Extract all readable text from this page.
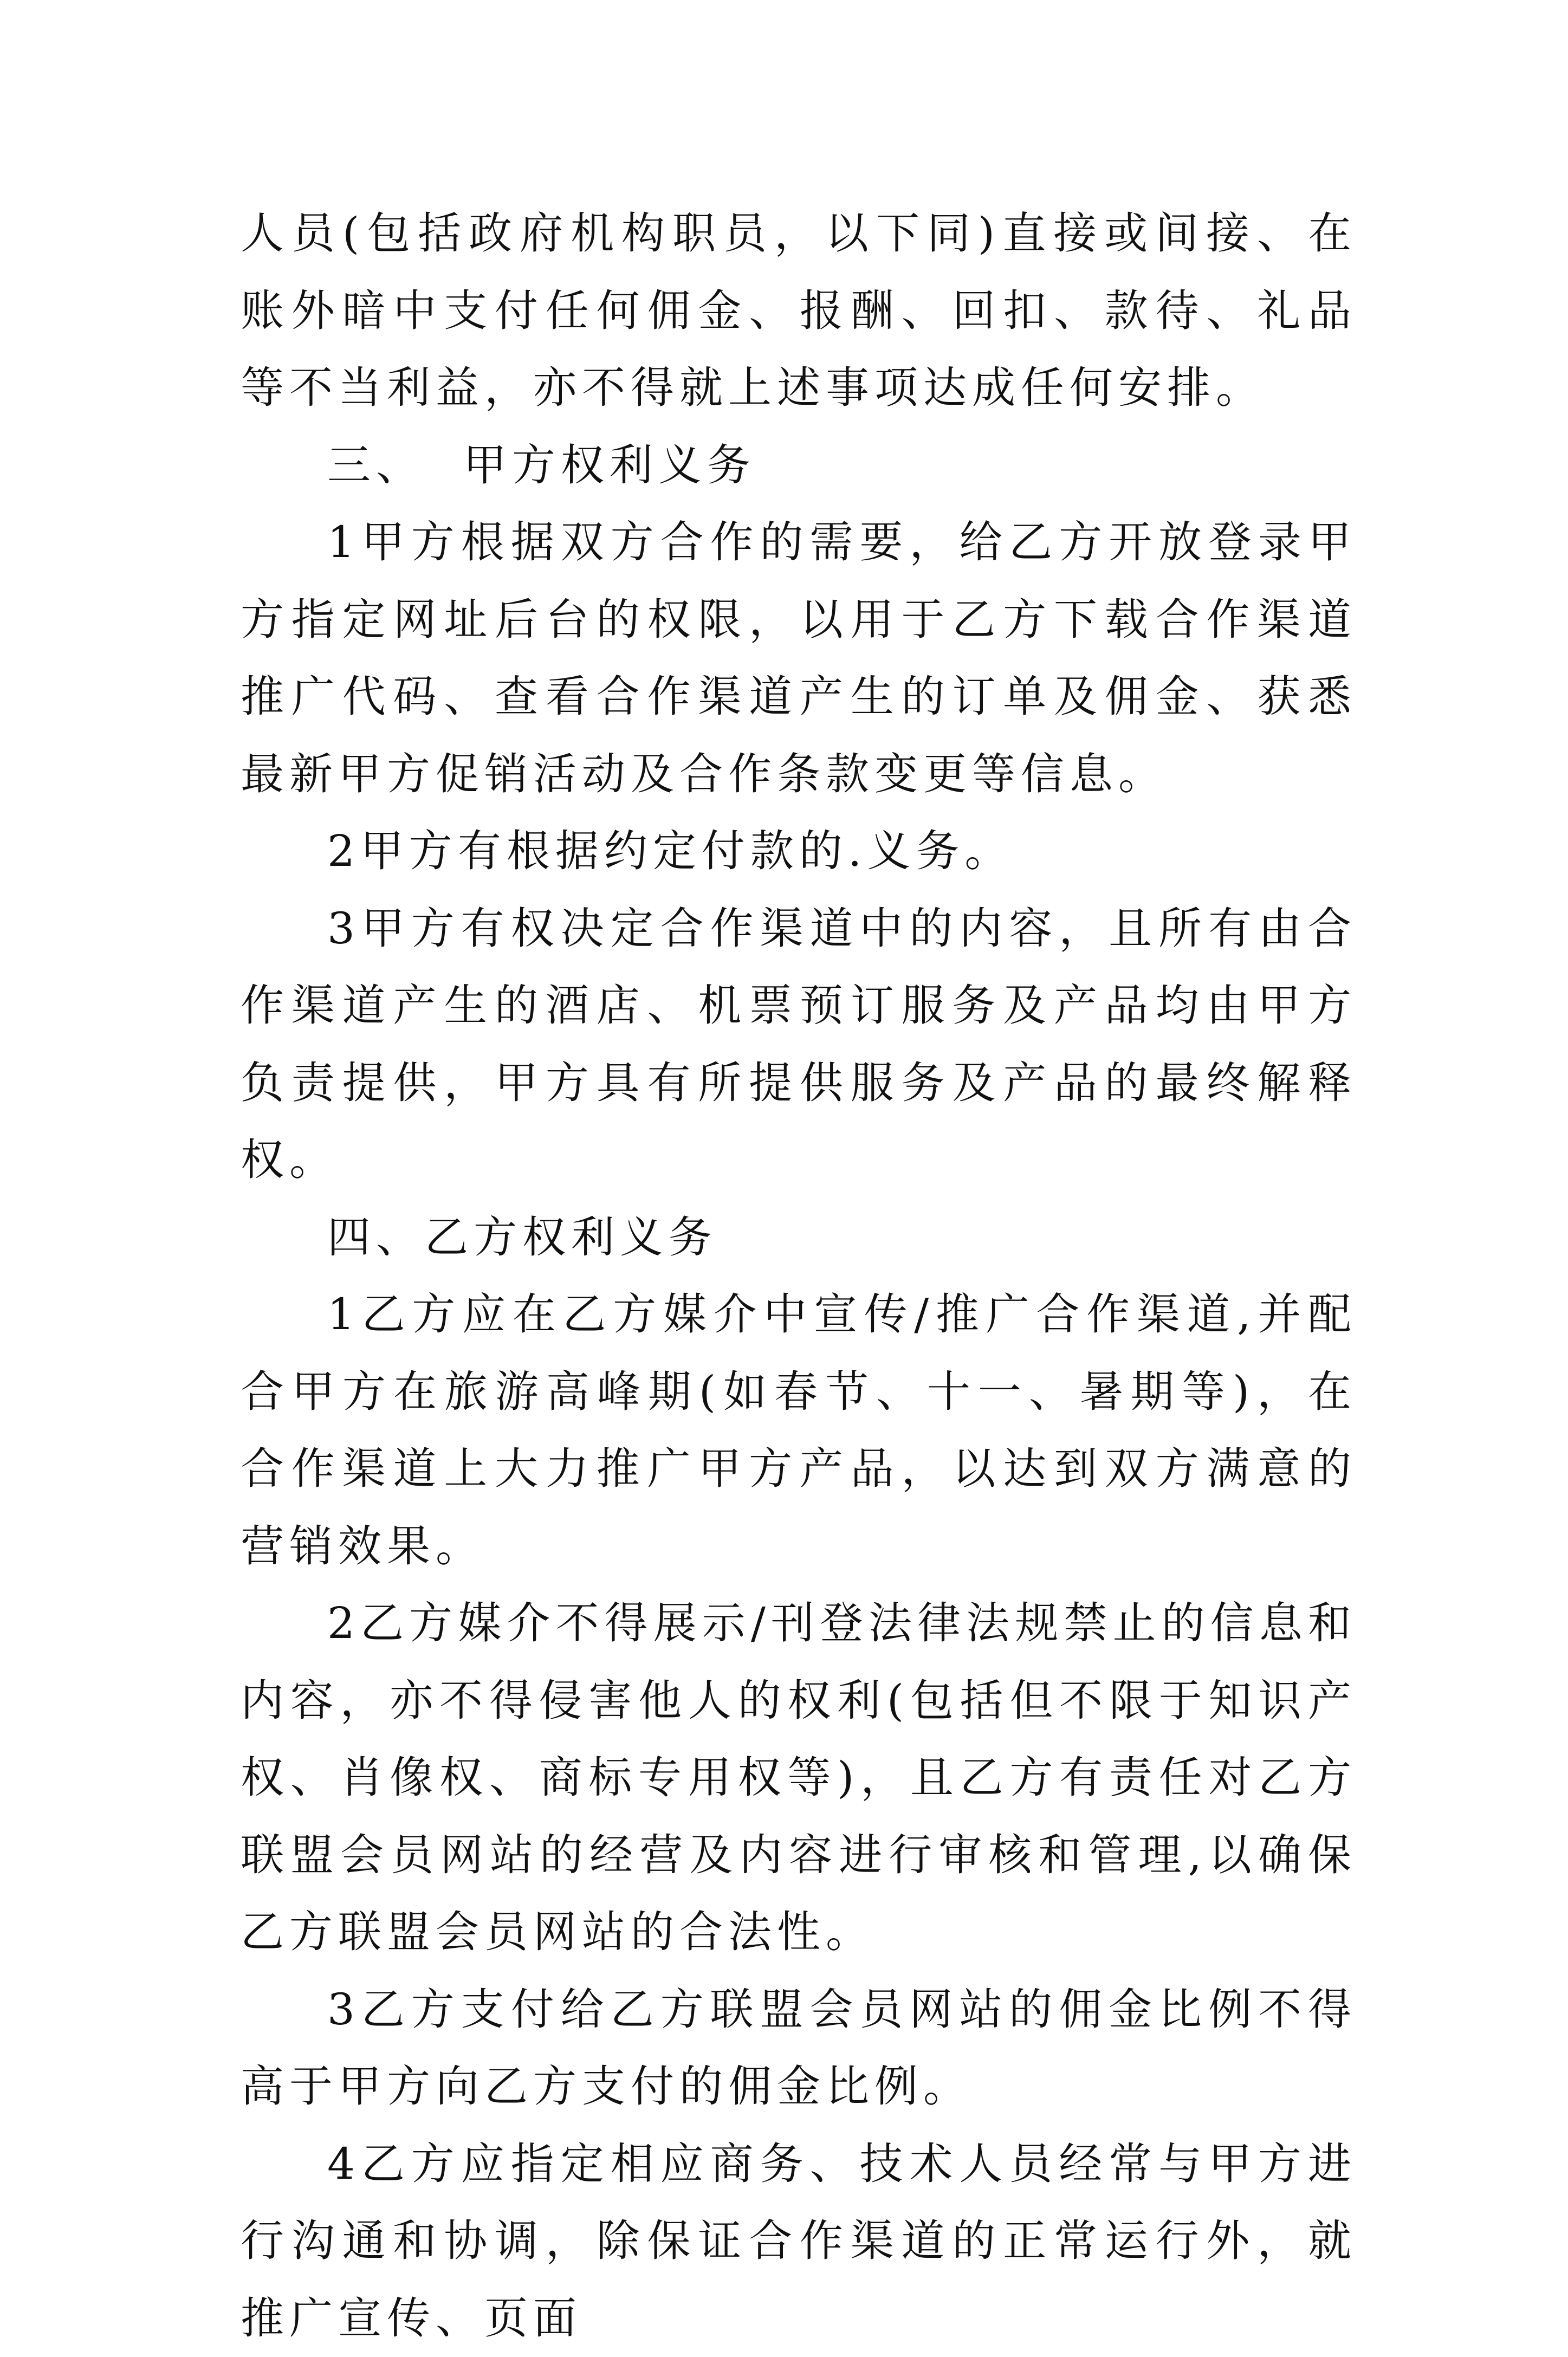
人员(包括政府机构职员，以下同)直接或间接、在账外暗中支付任何佣金、报酬、回扣、款待、礼品等不当利益，亦不得就上述事项达成任何安排。

三、  甲方权利义务

1甲方根据双方合作的需要，给乙方开放登录甲方指定网址后台的权限，以用于乙方下载合作渠道推广代码、查看合作渠道产生的订单及佣金、获悉最新甲方促销活动及合作条款变更等信息。

2甲方有根据约定付款的.义务。

3甲方有权决定合作渠道中的内容，且所有由合作渠道产生的酒店、机票预订服务及产品均由甲方负责提供，甲方具有所提供服务及产品的最终解释权。

四、乙方权利义务

1乙方应在乙方媒介中宣传/推广合作渠道,并配合甲方在旅游高峰期(如春节、十一、暑期等)，在合作渠道上大力推广甲方产品，以达到双方满意的营销效果。

2乙方媒介不得展示/刊登法律法规禁止的信息和内容，亦不得侵害他人的权利(包括但不限于知识产权、肖像权、商标专用权等)，且乙方有责任对乙方联盟会员网站的经营及内容进行审核和管理,以确保乙方联盟会员网站的合法性。

3乙方支付给乙方联盟会员网站的佣金比例不得高于甲方向乙方支付的佣金比例。

4乙方应指定相应商务、技术人员经常与甲方进行沟通和协调，除保证合作渠道的正常运行外，就推广宣传、页面
